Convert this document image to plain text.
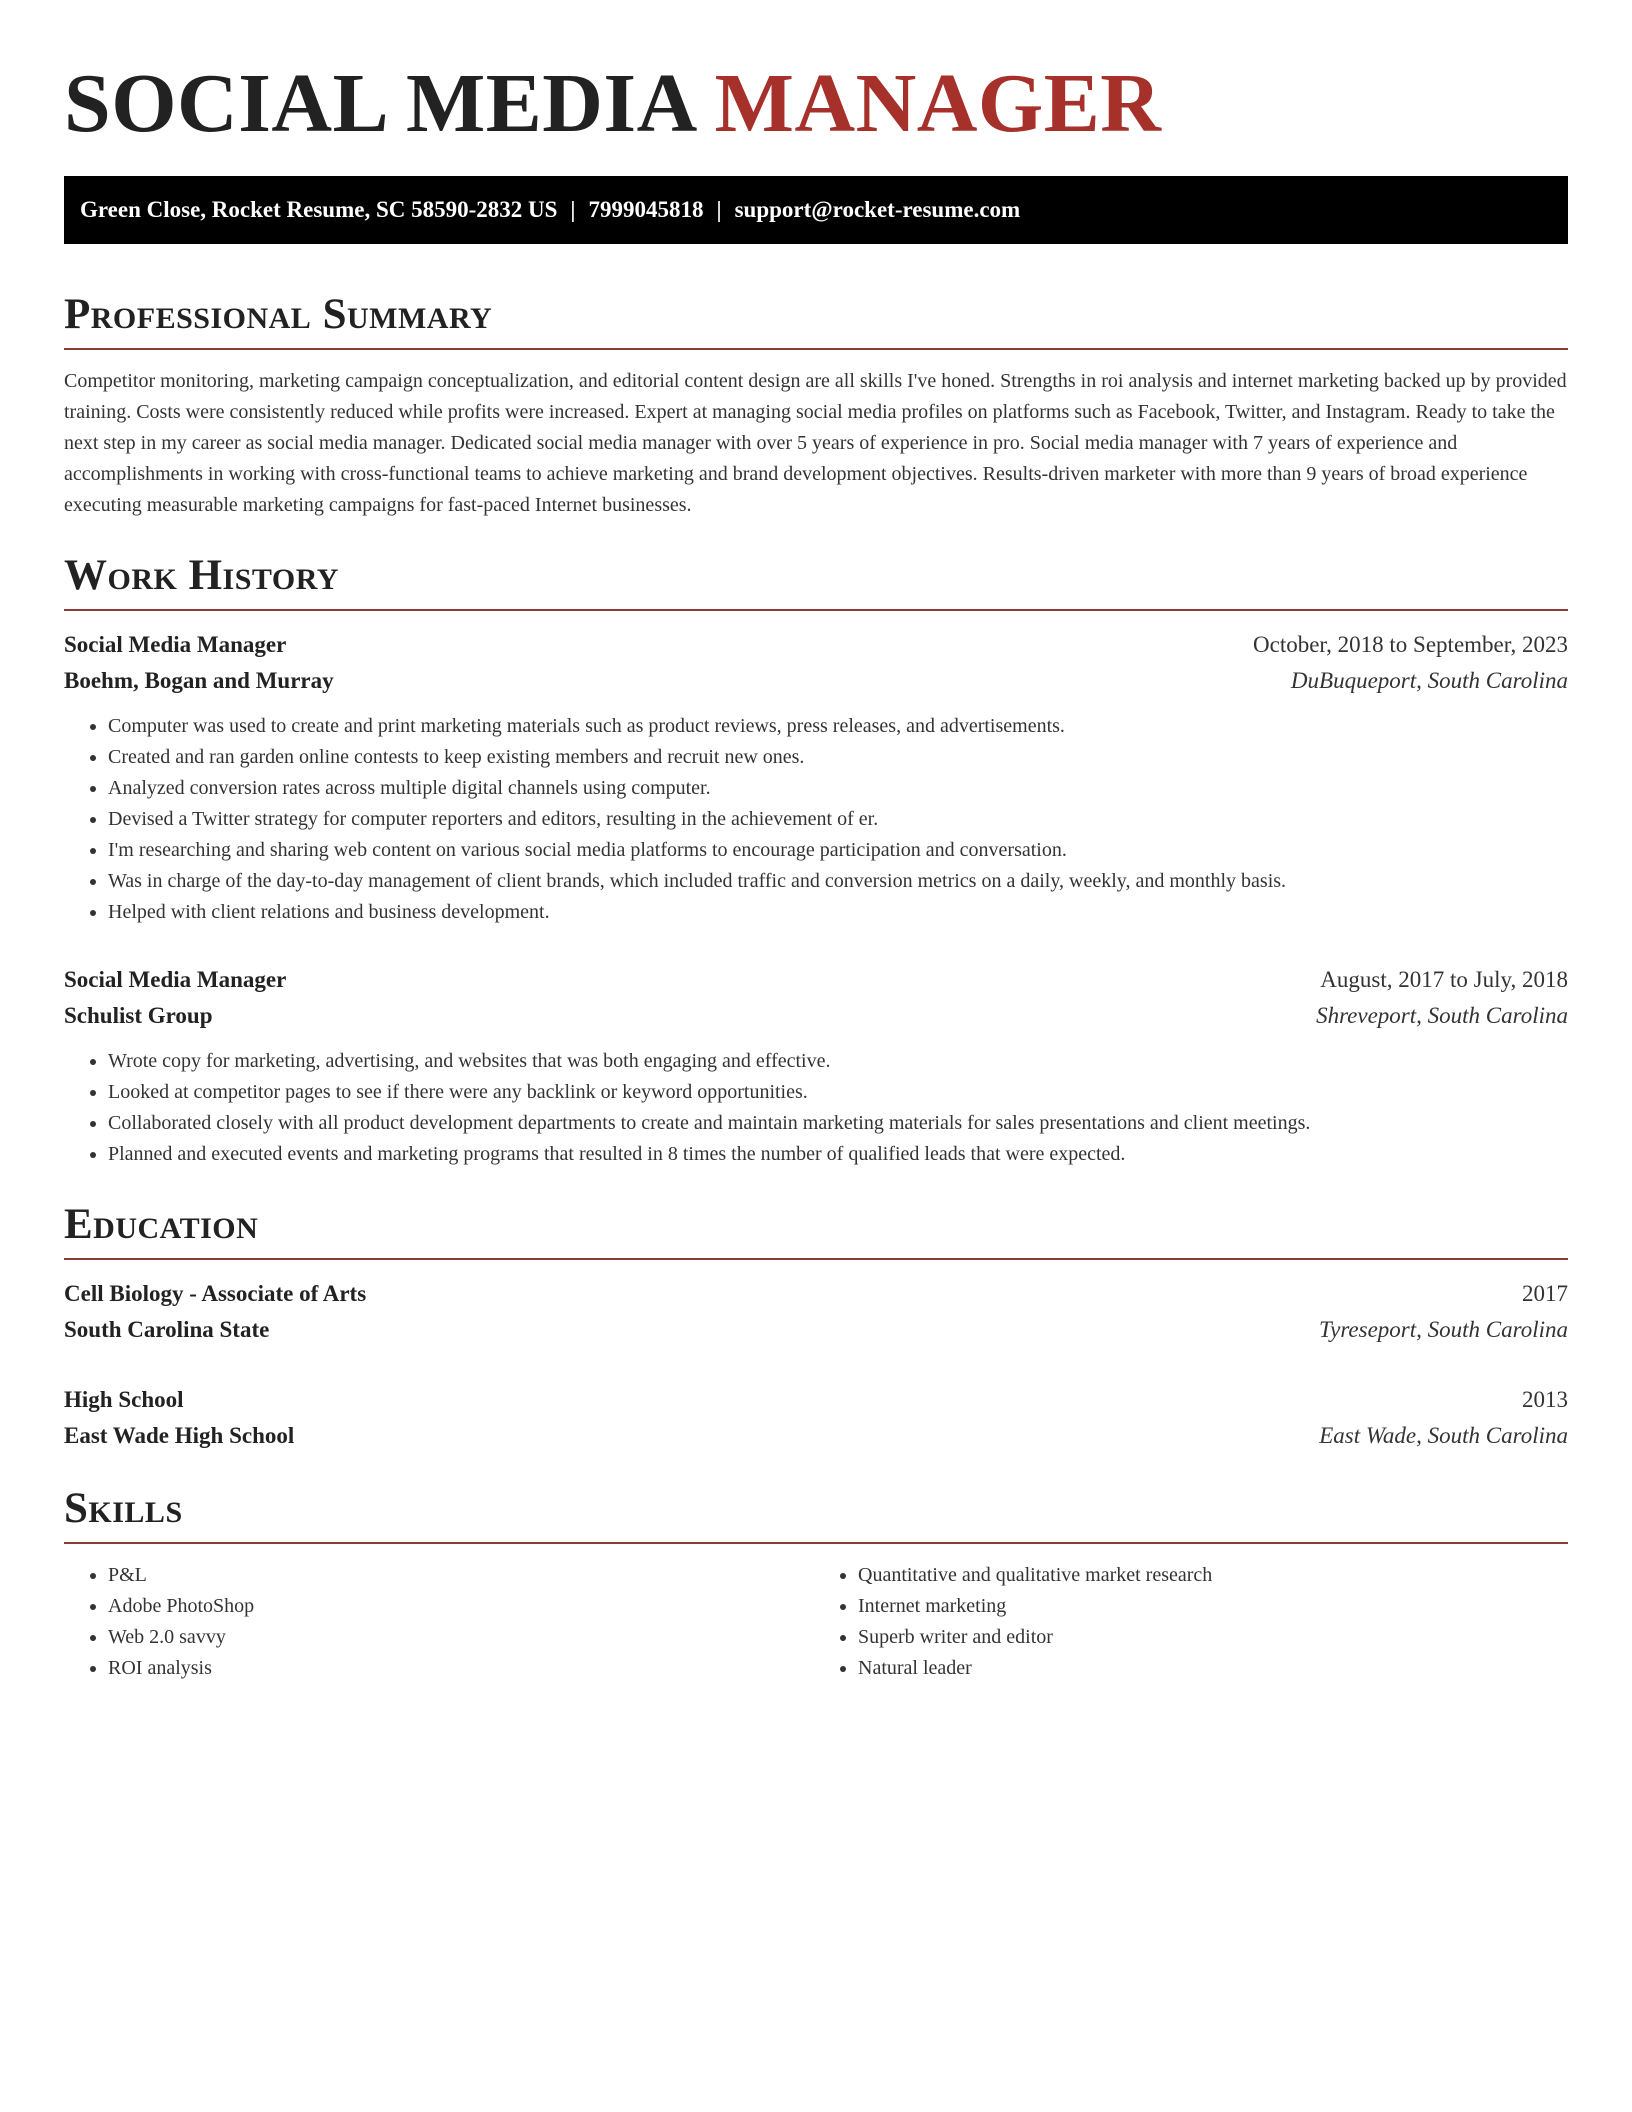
SOCIAL MEDIA MANAGER
Green Close, Rocket Resume, SC 58590-2832 US | 7999045818 | support@rocket-resume.com
Professional Summary

Competitor monitoring, marketing campaign conceptualization, and editorial content design are all skills I've honed. Strengths in roi analysis and internet marketing backed up by provided training. Costs were consistently reduced while profits were increased. Expert at managing social media profiles on platforms such as Facebook, Twitter, and Instagram. Ready to take the next step in my career as social media manager. Dedicated social media manager with over 5 years of experience in pro. Social media manager with 7 years of experience and accomplishments in working with cross-functional teams to achieve marketing and brand development objectives. Results-driven marketer with more than 9 years of broad experience executing measurable marketing campaigns for fast-paced Internet businesses.

Work History
Social Media Manager	October, 2018 to September, 2023
Boehm, Bogan and Murray	DuBuqueport, South Carolina
• Computer was used to create and print marketing materials such as product reviews, press releases, and advertisements.
• Created and ran garden online contests to keep existing members and recruit new ones.
• Analyzed conversion rates across multiple digital channels using computer.
• Devised a Twitter strategy for computer reporters and editors, resulting in the achievement of er.
• I'm researching and sharing web content on various social media platforms to encourage participation and conversation.
• Was in charge of the day-to-day management of client brands, which included traffic and conversion metrics on a daily, weekly, and monthly basis.
• Helped with client relations and business development.
Social Media Manager	August, 2017 to July, 2018
Schulist Group	Shreveport, South Carolina
• Wrote copy for marketing, advertising, and websites that was both engaging and effective.
• Looked at competitor pages to see if there were any backlink or keyword opportunities.
• Collaborated closely with all product development departments to create and maintain marketing materials for sales presentations and client meetings.
• Planned and executed events and marketing programs that resulted in 8 times the number of qualified leads that were expected.
Education
Cell Biology - Associate of Arts	2017
South Carolina State	Tyreseport, South Carolina
High School	2013
East Wade High School	East Wade, South Carolina
Skills
• P&L
• Adobe PhotoShop
• Web 2.0 savvy
• ROI analysis
• Quantitative and qualitative market research
• Internet marketing
• Superb writer and editor
• Natural leader
